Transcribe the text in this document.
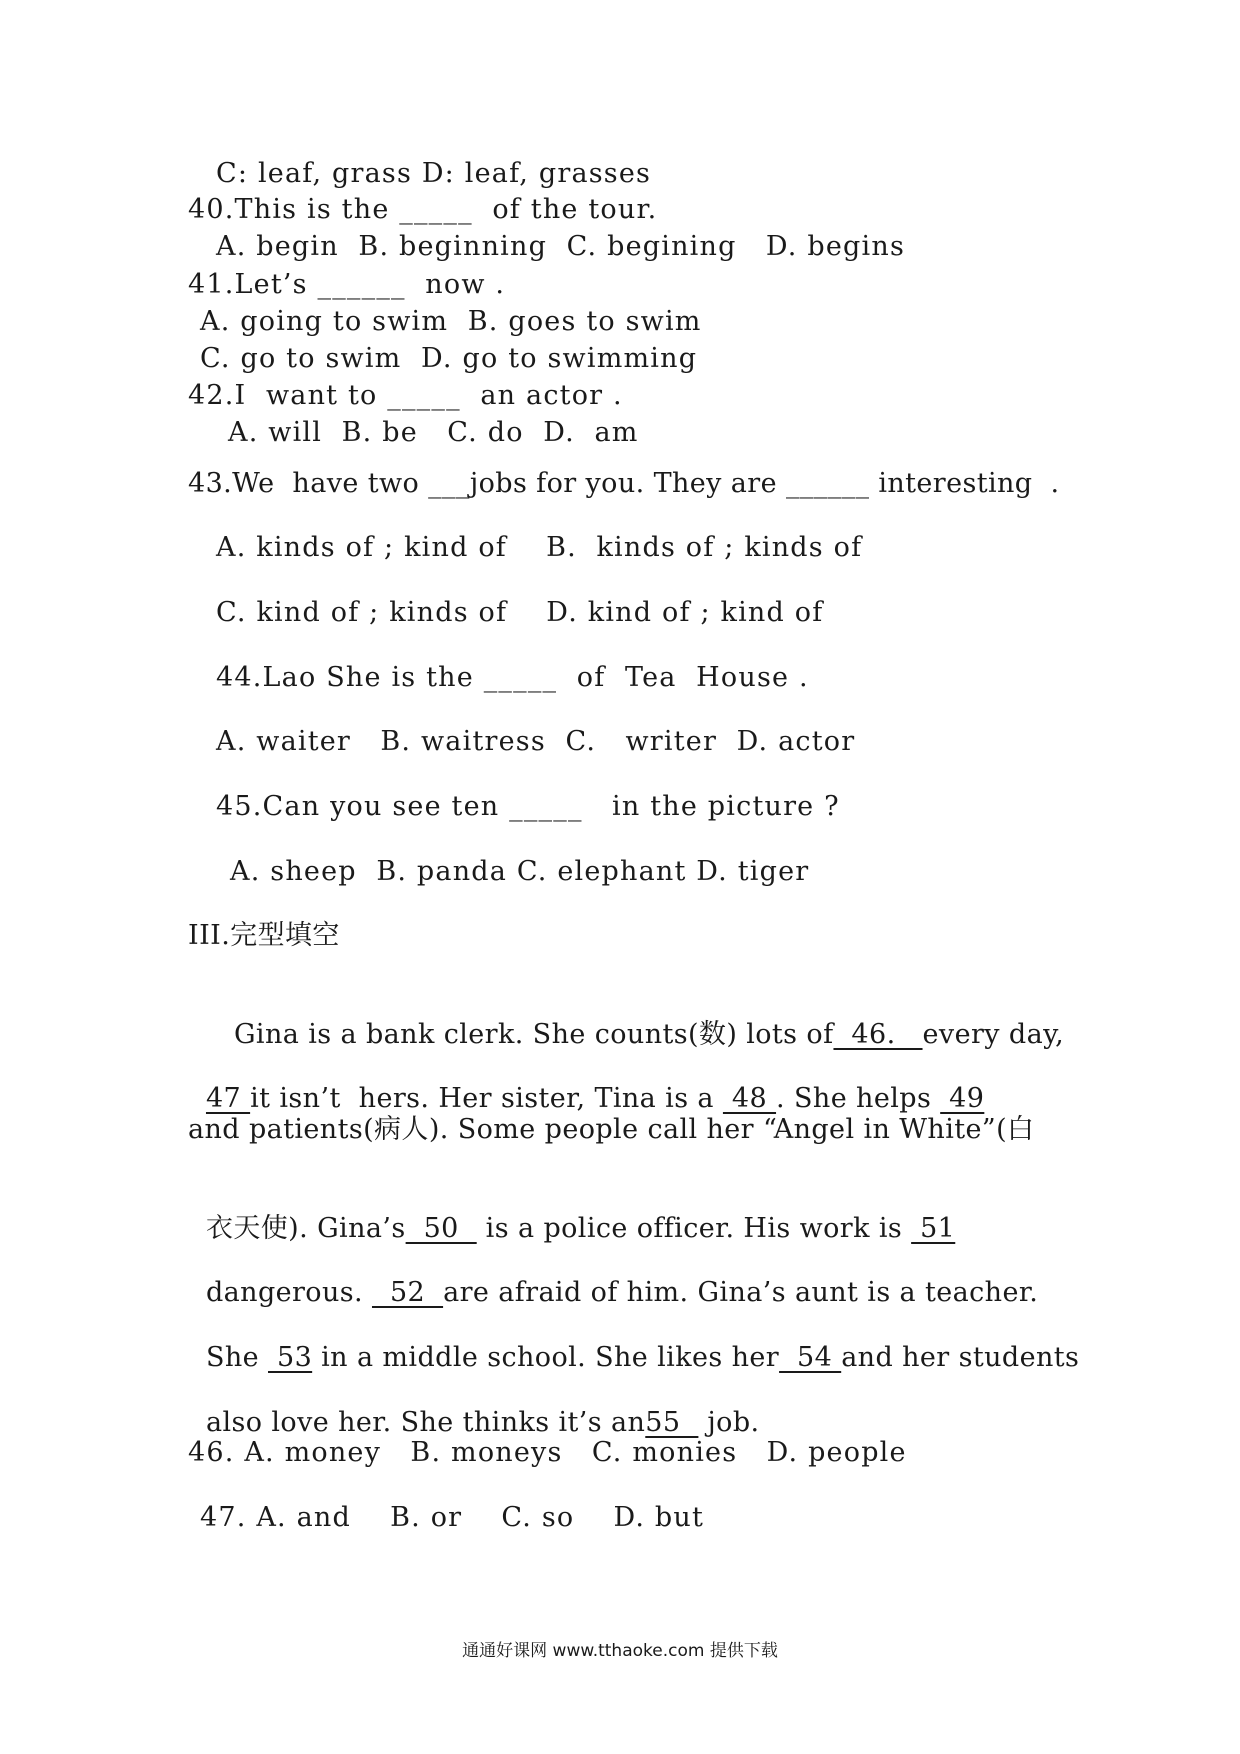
C: leaf, grass D: leaf, grasses
40.This is the _____  of the tour.
A. begin  B. beginning  C. begining   D. begins
41.Let’s ______  now .
A. going to swim  B. goes to swim
C. go to swim  D. go to swimming
42.I  want to _____  an actor .
A. will  B. be   C. do  D.  am
43.We  have two ___jobs for you. They are ______ interesting  .
A. kinds of ; kind of    B.  kinds of ; kinds of
C. kind of ; kinds of    D. kind of ; kind of
44.Lao She is the _____  of  Tea  House .
A. waiter   B. waitress  C.   writer  D. actor
45.Can you see ten _____   in the picture ?
A. sheep  B. panda C. elephant D. tiger
III.完型填空

Gina is a bank clerk. She counts(数) lots of  46.   every day,

47 it isn’t  hers. Her sister, Tina is a  48 . She helps  49

and patients(病人). Some people call her “Angel in White”(白

衣天使). Gina’s  50   is a police officer. His work is  51

dangerous.   52  are afraid of him. Gina’s aunt is a teacher.

She  53 in a middle school. She likes her  54 and her students

also love her. She thinks it’s an55   job.

46. A. money   B. moneys   C. monies   D. people
47. A. and    B. or    C. so    D. but
通通好课网 www.tthaoke.com 提供下载
